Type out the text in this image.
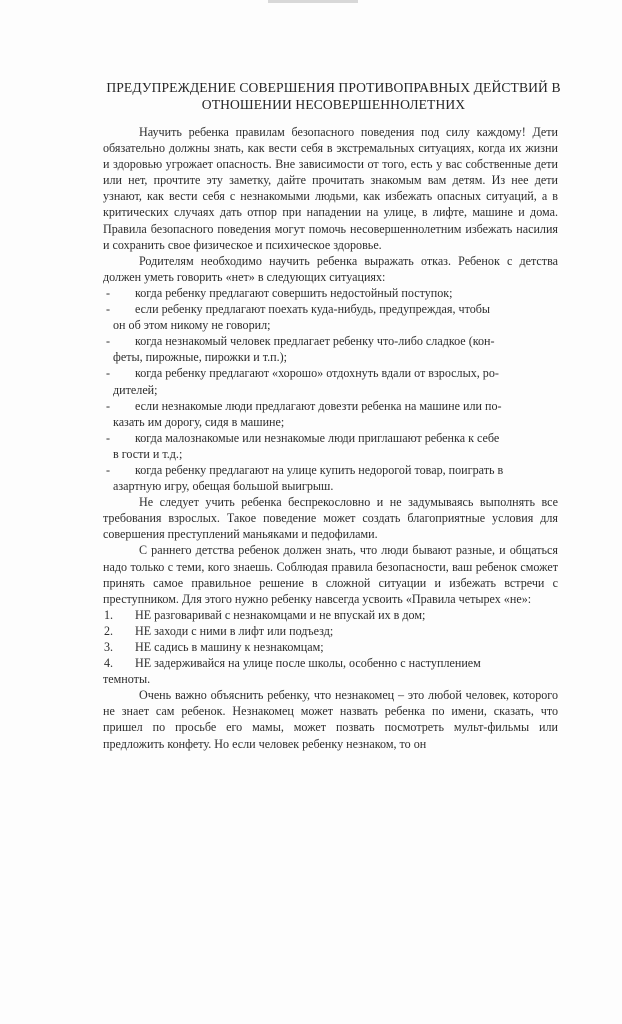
ПРЕДУПРЕЖДЕНИЕ СОВЕРШЕНИЯ ПРОТИВОПРАВНЫХ ДЕЙСТВИЙ В
ОТНОШЕНИИ НЕСОВЕРШЕННОЛЕТНИХ

Научить ребенка правилам безопасного поведения под силу каждому! Дети обязательно должны знать, как вести себя в экстремальных ситуациях, когда их жизни и здоровью угрожает опасность. Вне зависимости от того, есть у вас собственные дети или нет, прочтите эту заметку, дайте прочитать знакомым вам детям. Из нее дети узнают, как вести себя с незнакомыми людьми, как избежать опасных ситуаций, а в критических случаях дать отпор при нападении на улице, в лифте, машине и дома. Правила безопасного поведения могут помочь несовершеннолетним избежать насилия и сохранить свое физическое и психическое здоровье.

Родителям необходимо научить ребенка выражать отказ. Ребенок с детства должен уметь говорить «нет» в следующих ситуациях:

- когда ребенку предлагают совершить недостойный поступок;
- если ребенку предлагают поехать куда-нибудь, предупреждая, чтобы
он об этом никому не говорил;
- когда незнакомый человек предлагает ребенку что-либо сладкое (кон-
феты, пирожные, пирожки и т.п.);
- когда ребенку предлагают «хорошо» отдохнуть вдали от взрослых, ро-
дителей;
- если незнакомые люди предлагают довезти ребенка на машине или по-
казать им дорогу, сидя в машине;
- когда малознакомые или незнакомые люди приглашают ребенка к себе
в гости и т.д.;
- когда ребенку предлагают на улице купить недорогой товар, поиграть в
азартную игру, обещая большой выигрыш.

Не следует учить ребенка беспрекословно и не задумываясь выполнять все требования взрослых. Такое поведение может создать благоприятные условия для совершения преступлений маньяками и педофилами.

С раннего детства ребенок должен знать, что люди бывают разные, и общаться надо только с теми, кого знаешь. Соблюдая правила безопасности, ваш ребенок сможет принять самое правильное решение в сложной ситуации и избежать встречи с преступником. Для этого нужно ребенку навсегда усвоить «Правила четырех «не»:

1. НЕ разговаривай с незнакомцами и не впускай их в дом;
2. НЕ заходи с ними в лифт или подъезд;
3. НЕ садись в машину к незнакомцам;
4. НЕ задерживайся на улице после школы, особенно с наступлением
темноты.

Очень важно объяснить ребенку, что незнакомец – это любой человек, которого не знает сам ребенок. Незнакомец может назвать ребенка по имени, сказать, что пришел по просьбе его мамы, может позвать посмотреть мульт-фильмы или предложить конфету. Но если человек ребенку незнаком, то он
